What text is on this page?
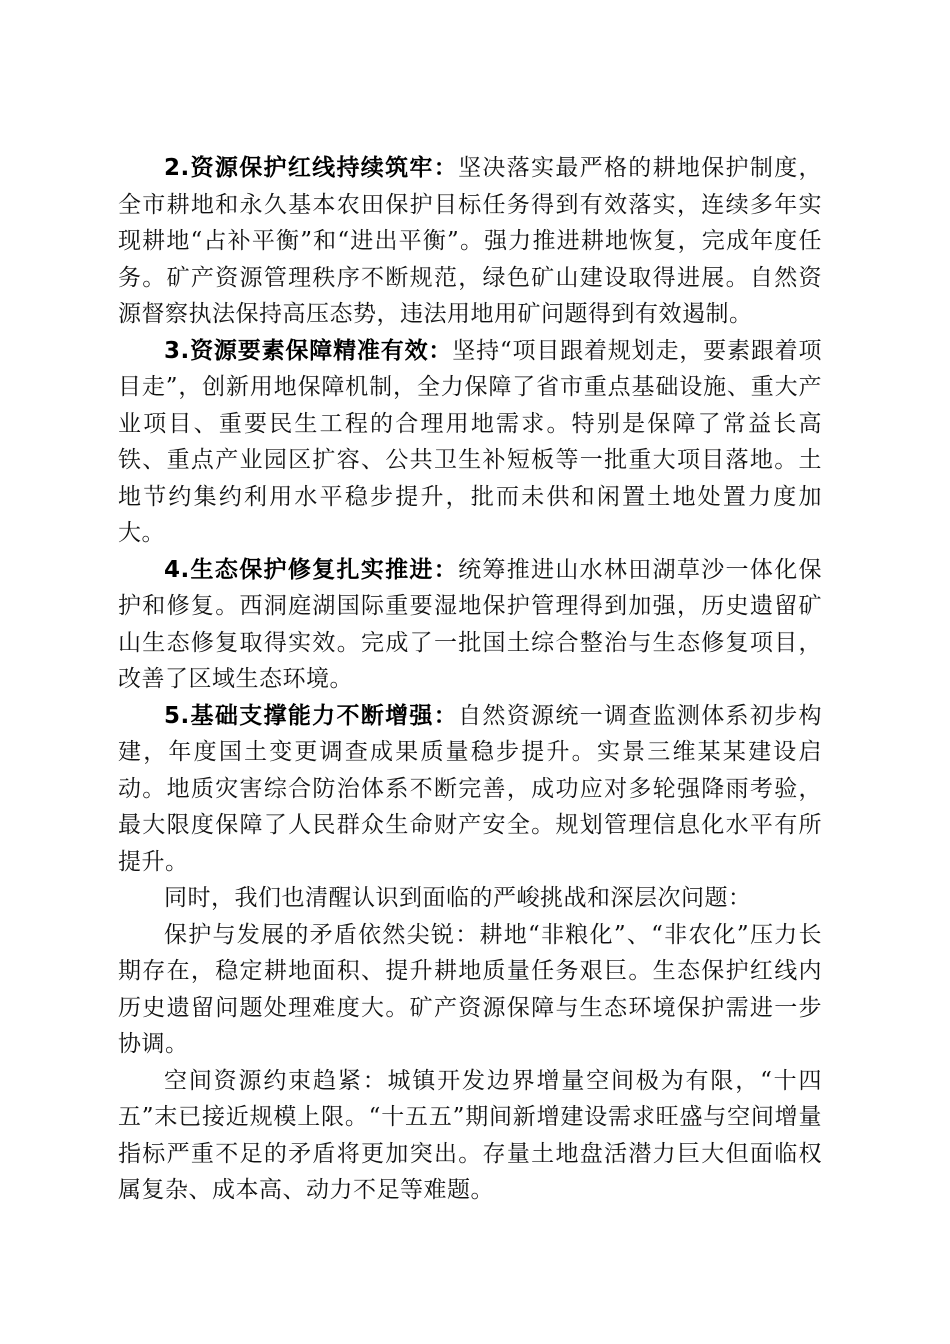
2.资源保护红线持续筑牢：坚决落实最严格的耕地保护制度，全市耕地和永久基本农田保护目标任务得到有效落实，连续多年实现耕地“占补平衡”和“进出平衡”。强力推进耕地恢复，完成年度任务。矿产资源管理秩序不断规范，绿色矿山建设取得进展。自然资源督察执法保持高压态势，违法用地用矿问题得到有效遏制。

3.资源要素保障精准有效：坚持“项目跟着规划走，要素跟着项目走”，创新用地保障机制，全力保障了省市重点基础设施、重大产业项目、重要民生工程的合理用地需求。特别是保障了常益长高铁、重点产业园区扩容、公共卫生补短板等一批重大项目落地。土地节约集约利用水平稳步提升，批而未供和闲置土地处置力度加大。

4.生态保护修复扎实推进：统筹推进山水林田湖草沙一体化保护和修复。西洞庭湖国际重要湿地保护管理得到加强，历史遗留矿山生态修复取得实效。完成了一批国土综合整治与生态修复项目，改善了区域生态环境。

5.基础支撑能力不断增强：自然资源统一调查监测体系初步构建，年度国土变更调查成果质量稳步提升。实景三维某某建设启动。地质灾害综合防治体系不断完善，成功应对多轮强降雨考验，最大限度保障了人民群众生命财产安全。规划管理信息化水平有所提升。

同时，我们也清醒认识到面临的严峻挑战和深层次问题：

保护与发展的矛盾依然尖锐：耕地“非粮化”、“非农化”压力长期存在，稳定耕地面积、提升耕地质量任务艰巨。生态保护红线内历史遗留问题处理难度大。矿产资源保障与生态环境保护需进一步协调。

空间资源约束趋紧：城镇开发边界增量空间极为有限，“十四五”末已接近规模上限。“十五五”期间新增建设需求旺盛与空间增量指标严重不足的矛盾将更加突出。存量土地盘活潜力巨大但面临权属复杂、成本高、动力不足等难题。
